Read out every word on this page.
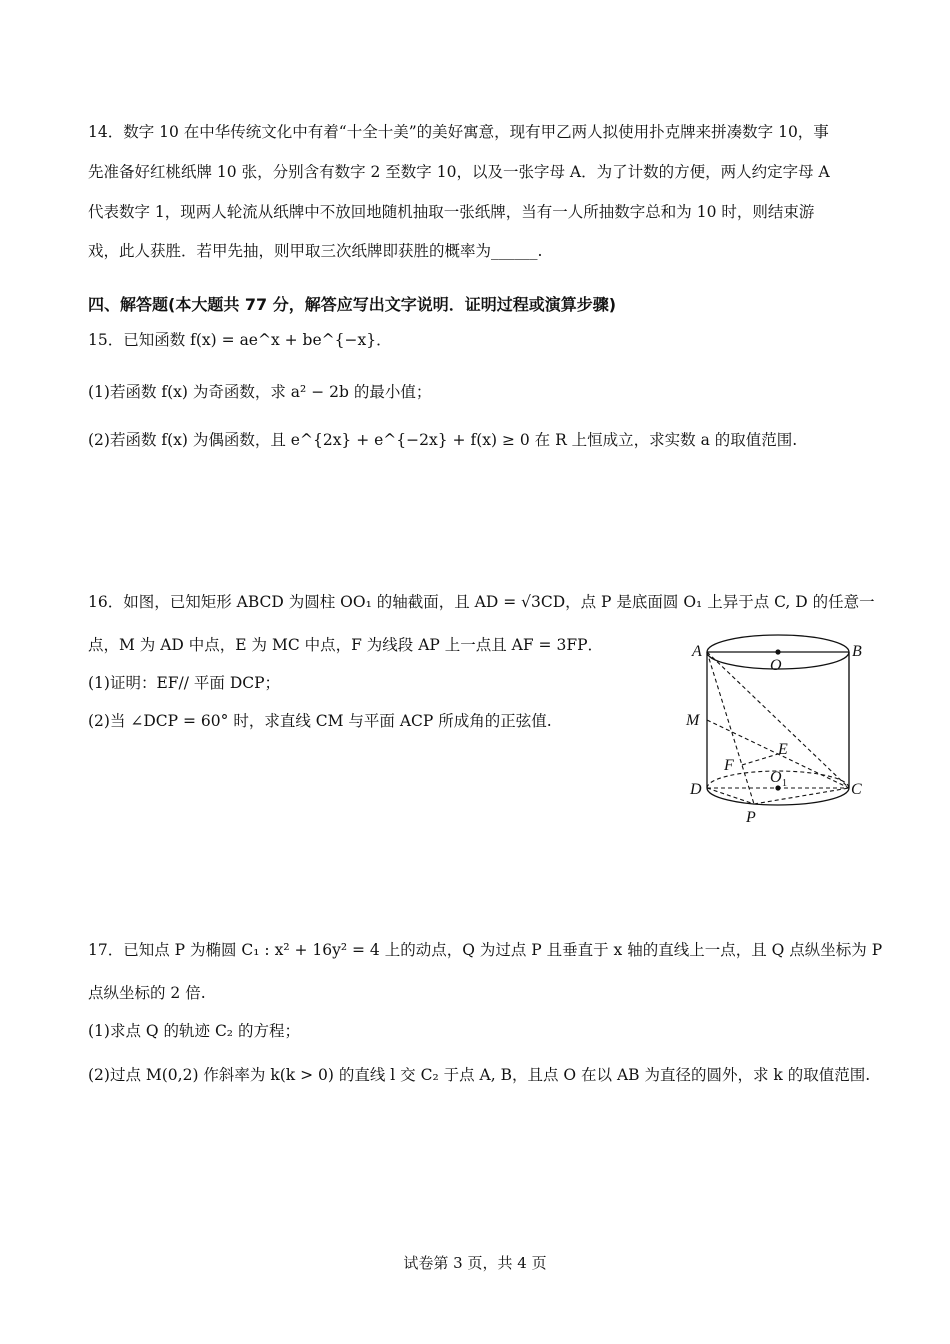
14．数字 10 在中华传统文化中有着“十全十美”的美好寓意，现有甲乙两人拟使用扑克牌来拼凑数字 10，事
先准备好红桃纸牌 10 张，分别含有数字 2 至数字 10，以及一张字母 A．为了计数的方便，两人约定字母 A
代表数字 1，现两人轮流从纸牌中不放回地随机抽取一张纸牌，当有一人所抽数字总和为 10 时，则结束游
戏，此人获胜．若甲先抽，则甲取三次纸牌即获胜的概率为______.
四、解答题(本大题共 77 分，解答应写出文字说明．证明过程或演算步骤)
15．已知函数 f(x) = ae^x + be^{−x}．
(1)若函数 f(x) 为奇函数，求 a² − 2b 的最小值；
(2)若函数 f(x) 为偶函数，且 e^{2x} + e^{−2x} + f(x) ≥ 0 在 R 上恒成立，求实数 a 的取值范围.
16．如图，已知矩形 ABCD 为圆柱 OO₁ 的轴截面，且 AD = √3CD，点 P 是底面圆 O₁ 上异于点 C, D 的任意一
点，M 为 AD 中点，E 为 MC 中点，F 为线段 AP 上一点且 AF = 3FP．
(1)证明：EF// 平面 DCP；
(2)当 ∠DCP = 60° 时，求直线 CM 与平面 ACP 所成角的正弦值.
A	B
O
M
E
F
O 1
D	C
P
17．已知点 P 为椭圆 C₁ : x² + 16y² = 4 上的动点，Q 为过点 P 且垂直于 x 轴的直线上一点，且 Q 点纵坐标为 P
点纵坐标的 2 倍.
(1)求点 Q 的轨迹 C₂ 的方程；
(2)过点 M(0,2) 作斜率为 k(k > 0) 的直线 l 交 C₂ 于点 A, B，且点 O 在以 AB 为直径的圆外，求 k 的取值范围.
试卷第 3 页，共 4 页
